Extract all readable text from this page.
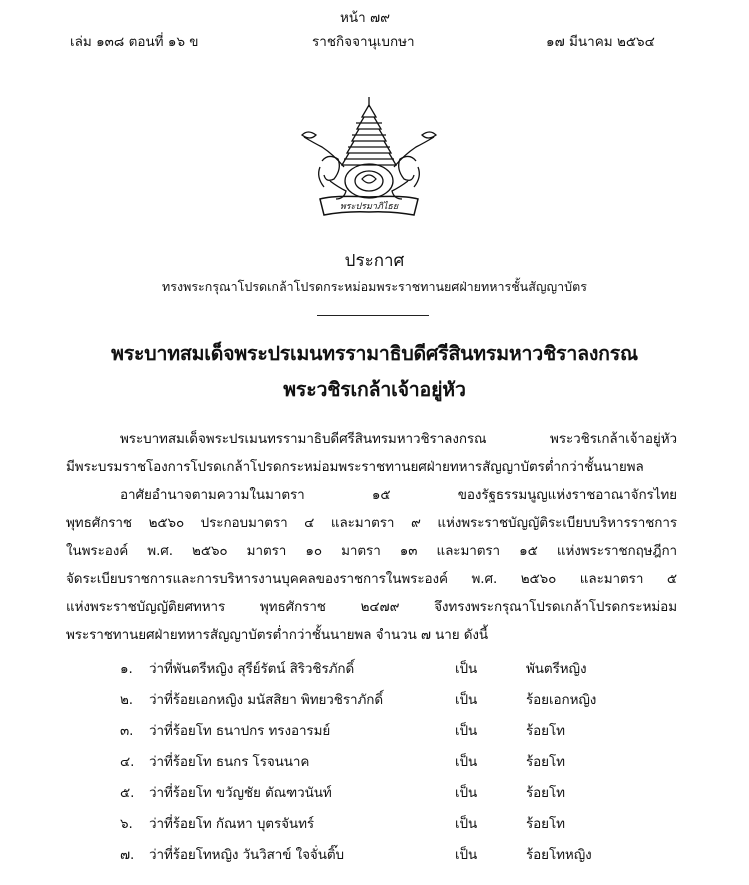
หน้า ๗๙
เล่ม ๑๓๘ ตอนที่ ๑๖ ข	ราชกิจจานุเบกษา	๑๗ มีนาคม ๒๕๖๔
พระปรมาภิไธย
ประกาศ
ทรงพระกรุณาโปรดเกล้าโปรดกระหม่อมพระราชทานยศฝ่ายทหารชั้นสัญญาบัตร
พระบาทสมเด็จพระปรเมนทรรามาธิบดีศรีสินทรมหาวชิราลงกรณ
พระวชิรเกล้าเจ้าอยู่หัว
พระบาทสมเด็จพระปรเมนทรรามาธิบดีศรีสินทรมหาวชิราลงกรณ พระวชิรเกล้าเจ้าอยู่หัว
มีพระบรมราชโองการโปรดเกล้าโปรดกระหม่อมพระราชทานยศฝ่ายทหารสัญญาบัตรต่ำกว่าชั้นนายพล
อาศัยอำนาจตามความในมาตรา ๑๕ ของรัฐธรรมนูญแห่งราชอาณาจักรไทย
พุทธศักราช ๒๕๖๐ ประกอบมาตรา ๔ และมาตรา ๙ แห่งพระราชบัญญัติระเบียบบริหารราชการ
ในพระองค์ พ.ศ. ๒๕๖๐ มาตรา ๑๐ มาตรา ๑๓ และมาตรา ๑๕ แห่งพระราชกฤษฎีกา
จัดระเบียบราชการและการบริหารงานบุคคลของราชการในพระองค์ พ.ศ. ๒๕๖๐ และมาตรา ๕
แห่งพระราชบัญญัติยศทหาร พุทธศักราช ๒๔๗๙ จึงทรงพระกรุณาโปรดเกล้าโปรดกระหม่อม
พระราชทานยศฝ่ายทหารสัญญาบัตรต่ำกว่าชั้นนายพล จำนวน ๗ นาย ดังนี้
๑. ว่าที่พันตรีหญิง สุรีย์รัตน์ สิริวชิรภักดิ์	เป็น	พันตรีหญิง
๒. ว่าที่ร้อยเอกหญิง มนัสสิยา พิทยวชิราภักดิ์	เป็น	ร้อยเอกหญิง
๓. ว่าที่ร้อยโท ธนาปกร ทรงอารมย์	เป็น	ร้อยโท
๔. ว่าที่ร้อยโท ธนกร โรจนนาค	เป็น	ร้อยโท
๕. ว่าที่ร้อยโท ขวัญชัย ตัณฑวนันท์	เป็น	ร้อยโท
๖. ว่าที่ร้อยโท กัณหา บุตรจันทร์	เป็น	ร้อยโท
๗. ว่าที่ร้อยโทหญิง วันวิสาข์ ใจจั่นติ๊บ	เป็น	ร้อยโทหญิง
